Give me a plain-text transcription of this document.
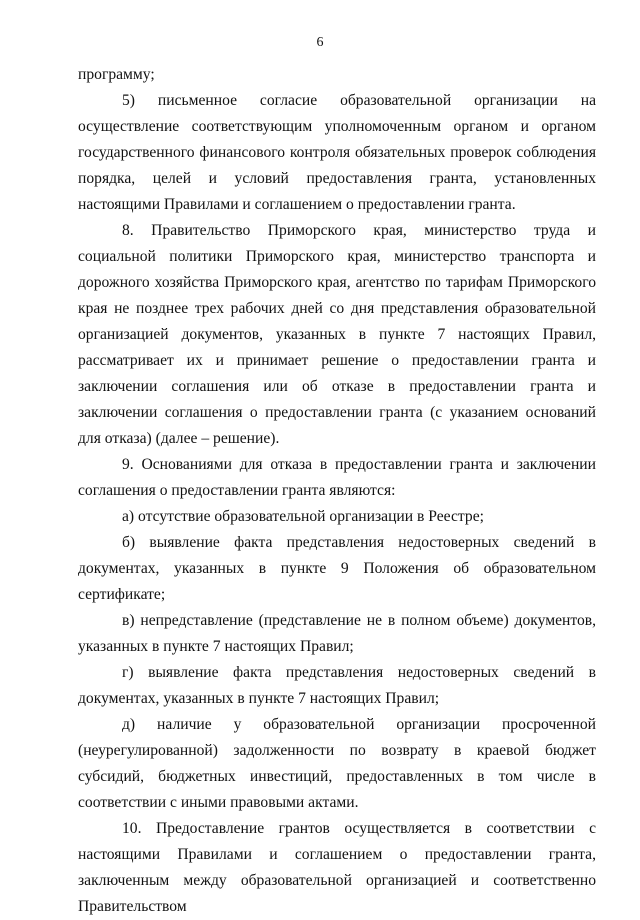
6

программу;

5) письменное согласие образовательной организации на осуществление соответствующим уполномоченным органом и органом государственного финансового контроля обязательных проверок соблюдения порядка, целей и условий предоставления гранта, установленных настоящими Правилами и соглашением о предоставлении гранта.

8. Правительство Приморского края, министерство труда и социальной политики Приморского края, министерство транспорта и дорожного хозяйства Приморского края, агентство по тарифам Приморского края не позднее трех рабочих дней со дня представления образовательной организацией документов, указанных в пункте 7 настоящих Правил, рассматривает их и принимает решение о предоставлении гранта и заключении соглашения или об отказе в предоставлении гранта и заключении соглашения о предоставлении гранта (с указанием оснований для отказа) (далее – решение).

9. Основаниями для отказа в предоставлении гранта и заключении соглашения о предоставлении гранта являются:

а) отсутствие образовательной организации в Реестре;

б) выявление факта представления недостоверных сведений в документах, указанных в пункте 9 Положения об образовательном сертификате;

в) непредставление (представление не в полном объеме) документов, указанных в пункте 7 настоящих Правил;

г) выявление факта представления недостоверных сведений в документах, указанных в пункте 7 настоящих Правил;

д) наличие у образовательной организации просроченной (неурегулированной) задолженности по возврату в краевой бюджет субсидий, бюджетных инвестиций, предоставленных в том числе в соответствии с иными правовыми актами.

10. Предоставление грантов осуществляется в соответствии с настоящими Правилами и соглашением о предоставлении гранта, заключенным между образовательной организацией и соответственно Правительством
